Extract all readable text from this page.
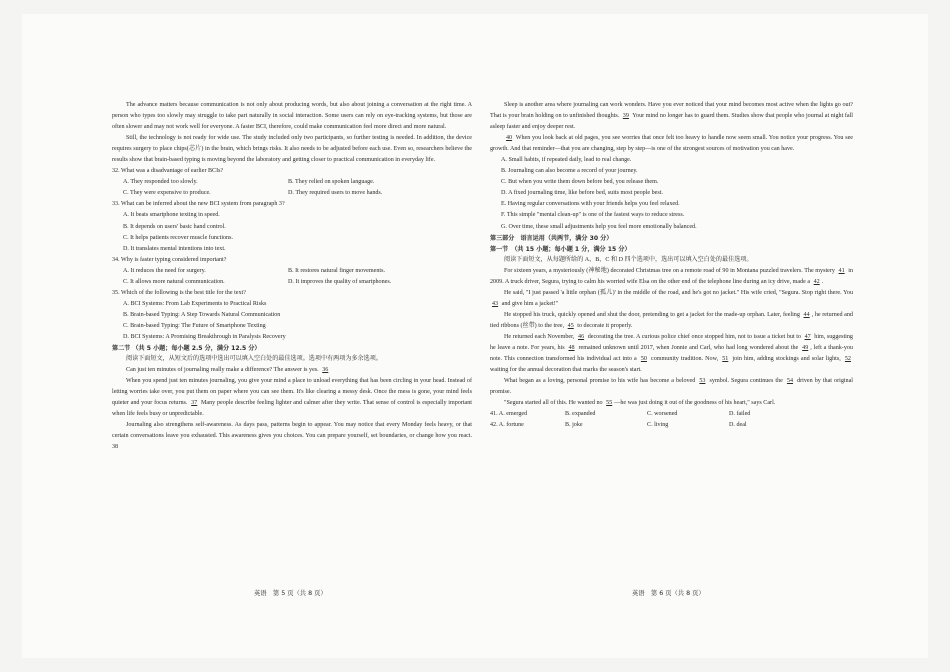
The advance matters because communication is not only about producing words, but also about joining a conversation at the right time. A person who types too slowly may struggle to take part naturally in social interaction. Some users can rely on eye-tracking systems, but those are often slower and may not work well for everyone. A faster BCI, therefore, could make communication feel more direct and more natural.

Still, the technology is not ready for wide use. The study included only two participants, so further testing is needed. In addition, the device requires surgery to place chips(芯片) in the brain, which brings risks. It also needs to be adjusted before each use. Even so, researchers believe the results show that brain-based typing is moving beyond the laboratory and getting closer to practical communication in everyday life.

32. What was a disadvantage of earlier BCIs?

A. They responded too slowly.	B. They relied on spoken language.
C. They were expensive to produce.	D. They required users to move hands.

33. What can be inferred about the new BCI system from paragraph 3?

A. It beats smartphone texting in speed.
B. It depends on users' basic hand control.
C. It helps patients recover muscle functions.
D. It translates mental intentions into text.

34. Why is faster typing considered important?

A. It reduces the need for surgery.	B. It restores natural finger movements.
C. It allows more natural communication.	D. It improves the quality of smartphones.

35. Which of the following is the best title for the text?

A. BCI Systems: From Lab Experiments to Practical Risks
B. Brain-based Typing: A Step Towards Natural Communication
C. Brain-based Typing: The Future of Smartphone Texting
D. BCI Systems: A Promising Breakthrough in Paralysis Recovery

第二节 （共 5 小题；每小题 2.5 分，满分 12.5 分）

阅读下面短文，从短文后的选项中选出可以填入空白处的最佳选项。选项中有两项为多余选项。

Can just ten minutes of journaling really make a difference? The answer is yes. 36

When you spend just ten minutes journaling, you give your mind a place to unload everything that has been circling in your head. Instead of letting worries take over, you put them on paper where you can see them. It's like clearing a messy desk. Once the mess is gone, your mind feels quieter and your focus returns. 37 Many people describe feeling lighter and calmer after they write. That sense of control is especially important when life feels busy or unpredictable.

Journaling also strengthens self-awareness. As days pass, patterns begin to appear. You may notice that every Monday feels heavy, or that certain conversations leave you exhausted. This awareness gives you choices. You can prepare yourself, set boundaries, or change how you react. 38

Sleep is another area where journaling can work wonders. Have you ever noticed that your mind becomes most active when the lights go out? That is your brain holding on to unfinished thoughts. 39 Your mind no longer has to guard them. Studies show that people who journal at night fall asleep faster and enjoy deeper rest.

40 When you look back at old pages, you see worries that once felt too heavy to handle now seem small. You notice your progress. You see growth. And that reminder—that you are changing, step by step—is one of the strongest sources of motivation you can have.

A. Small habits, if repeated daily, lead to real change.
B. Journaling can also become a record of your journey.
C. But when you write them down before bed, you release them.
D. A fixed journaling time, like before bed, suits most people best.
E. Having regular conversations with your friends helps you feel relaxed.
F. This simple "mental clean-up" is one of the fastest ways to reduce stress.
G. Over time, these small adjustments help you feel more emotionally balanced.

第三部分　语言运用（共两节，满分 30 分）

第一节　（共 15 小题；每小题 1 分，满分 15 分）

阅读下面短文，从每题所给的 A、B、C 和 D 四个选项中，选出可以填入空白处的最佳选项。

For sixteen years, a mysteriously (神秘地) decorated Christmas tree on a remote road of 90 in Montana puzzled travelers. The mystery 41 in 2009. A truck driver, Segura, trying to calm his worried wife Elsa on the other end of the telephone line during an icy drive, made a 42 .

He said, "I just passed 'a little orphan (孤儿)' in the middle of the road, and he's got no jacket." His wife cried, "Segura. Stop right there. You 43 and give him a jacket!"

He stopped his truck, quickly opened and shut the door, pretending to get a jacket for the made-up orphan. Later, feeling 44 , he returned and tied ribbons (丝带) to the tree, 45 to decorate it properly.

He returned each November, 46 decorating the tree. A curious police chief once stopped him, not to issue a ticket but to 47 him, suggesting he leave a note. For years, his 48 remained unknown until 2017, when Jonnie and Carl, who had long wondered about the 49 , left a thank-you note. This connection transformed his individual act into a 50 community tradition. Now, 51 join him, adding stockings and solar lights, 52 waiting for the annual decoration that marks the season's start.

What began as a loving, personal promise to his wife has become a beloved 53 symbol. Segura continues the 54 driven by that original promise.

"Segura started all of this. He wanted no 55 —he was just doing it out of the goodness of his heart," says Carl.

41. A. emerged	B. expanded	C. worsened	D. failed
42. A. fortune	B. joke	C. living	D. deal
英语　第 5 页（共 8 页）	英语　第 6 页（共 8 页）
